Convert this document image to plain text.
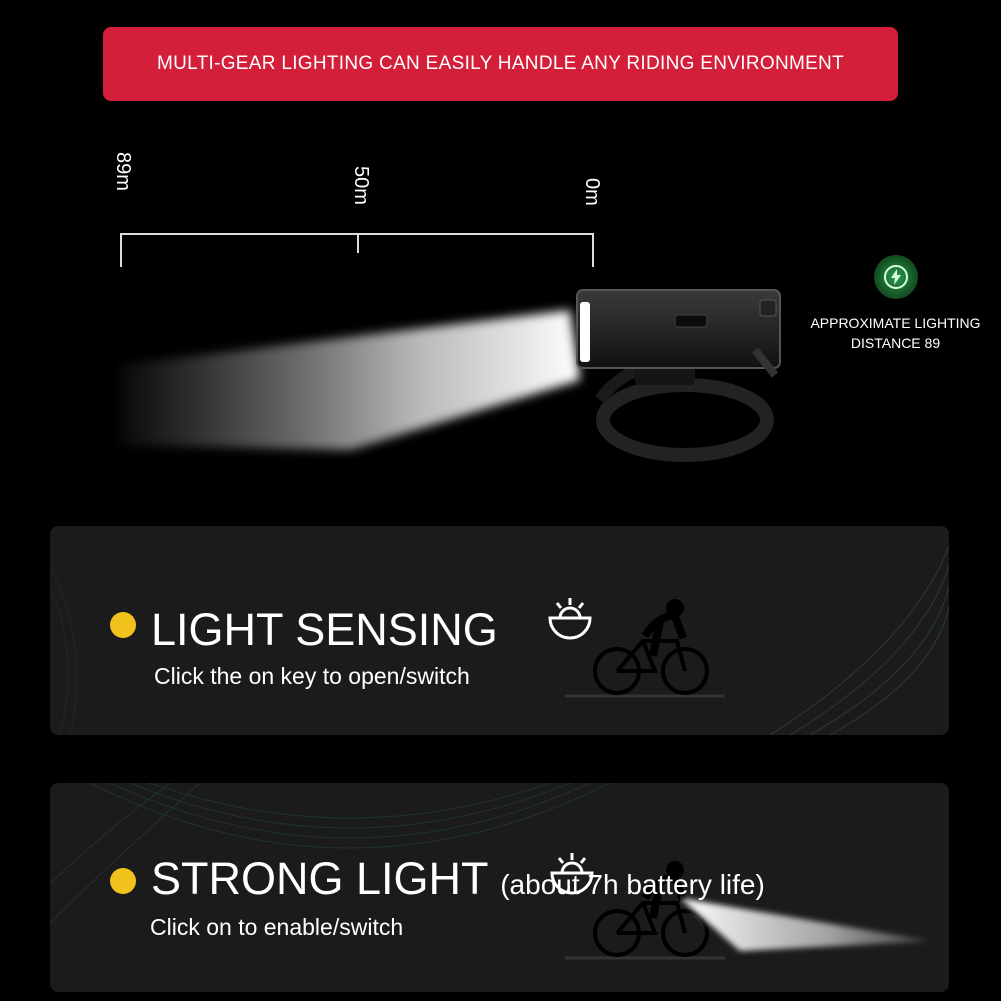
MULTI-GEAR LIGHTING CAN EASILY HANDLE ANY RIDING ENVIRONMENT
89m	50m	0m
APPROXIMATE LIGHTING
DISTANCE 89
LIGHT SENSING
Click the on key to open/switch
STRONG LIGHT (about 7h battery life)
Click on to enable/switch
